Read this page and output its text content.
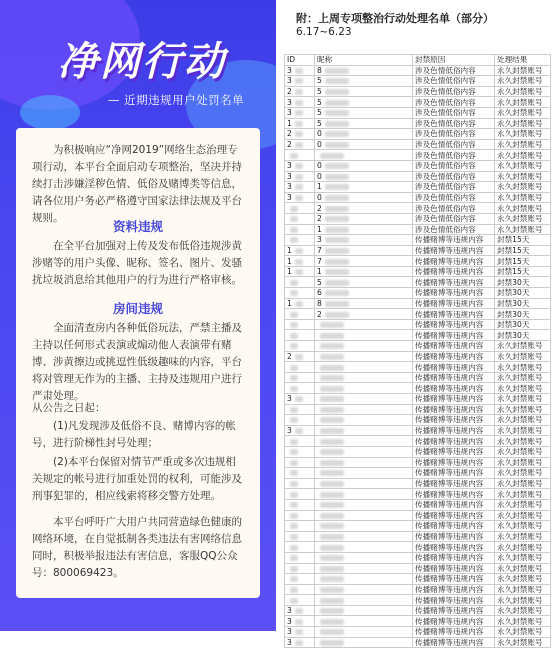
净网行动
— 近期违规用户处罚名单

为积极响应“净网2019”网络生态治理专项行动，本平台全面启动专项整治，坚决并持续打击涉嫌淫秽色情、低俗及赌博类等信息，请各位用户务必严格遵守国家法律法规及平台规则。

资料违规

在全平台加强对上传及发布低俗违规涉黄涉赌等的用户头像、昵称、签名、图片、发骚扰垃圾消息给其他用户的行为进行严格审核。

房间违规

全面清查房内各种低俗玩法，严禁主播及主持以任何形式表演或煽动他人表演带有赌博、涉黄擦边或挑逗性低级趣味的内容，平台将对管理无作为的主播、主持及违规用户进行严肃处理。

从公告之日起：

(1)凡发现涉及低俗不良、赌博内容的帐号，进行阶梯性封号处理；

(2)本平台保留对情节严重或多次违规相关规定的帐号进行加重处罚的权利，可能涉及刑事犯罪的，相应线索将移交警方处理。

本平台呼吁广大用户共同营造绿色健康的网络环境，在自觉抵制各类违法有害网络信息同时，积极举报违法有害信息，客服QQ公众号：800069423。

附：上周专项整治行动处理名单（部分）
6.17~6.23
ID	昵称	封禁原因	处理结果
3	8	涉及色情低俗内容	永久封禁账号
3	5	涉及色情低俗内容	永久封禁账号
2	5	涉及色情低俗内容	永久封禁账号
3	5	涉及色情低俗内容	永久封禁账号
3	5	涉及色情低俗内容	永久封禁账号
1	5	涉及色情低俗内容	永久封禁账号
2	0	涉及色情低俗内容	永久封禁账号
2	0	涉及色情低俗内容	永久封禁账号
		涉及色情低俗内容	永久封禁账号
3	0	涉及色情低俗内容	永久封禁账号
3	0	涉及色情低俗内容	永久封禁账号
3	1	涉及色情低俗内容	永久封禁账号
3	0	涉及色情低俗内容	永久封禁账号
	2	涉及色情低俗内容	永久封禁账号
	2	涉及色情低俗内容	永久封禁账号
	1	涉及色情低俗内容	永久封禁账号
	3	传播赌博等违规内容	封禁15天
1	7	传播赌博等违规内容	封禁15天
1	7	传播赌博等违规内容	封禁15天
1	1	传播赌博等违规内容	封禁15天
	5	传播赌博等违规内容	封禁30天
	6	传播赌博等违规内容	封禁30天
1	8	传播赌博等违规内容	封禁30天
	2	传播赌博等违规内容	封禁30天
		传播赌博等违规内容	封禁30天
		传播赌博等违规内容	封禁30天
		传播赌博等违规内容	永久封禁账号
2		传播赌博等违规内容	永久封禁账号
		传播赌博等违规内容	永久封禁账号
		传播赌博等违规内容	永久封禁账号
		传播赌博等违规内容	永久封禁账号
3		传播赌博等违规内容	永久封禁账号
		传播赌博等违规内容	永久封禁账号
		传播赌博等违规内容	永久封禁账号
3		传播赌博等违规内容	永久封禁账号
		传播赌博等违规内容	永久封禁账号
		传播赌博等违规内容	永久封禁账号
		传播赌博等违规内容	永久封禁账号
		传播赌博等违规内容	永久封禁账号
		传播赌博等违规内容	永久封禁账号
		传播赌博等违规内容	永久封禁账号
		传播赌博等违规内容	永久封禁账号
		传播赌博等违规内容	永久封禁账号
		传播赌博等违规内容	永久封禁账号
		传播赌博等违规内容	永久封禁账号
		传播赌博等违规内容	永久封禁账号
		传播赌博等违规内容	永久封禁账号
		传播赌博等违规内容	永久封禁账号
		传播赌博等违规内容	永久封禁账号
		传播赌博等违规内容	永久封禁账号
		传播赌博等违规内容	永久封禁账号
3		传播赌博等违规内容	永久封禁账号
3		传播赌博等违规内容	永久封禁账号
3		传播赌博等违规内容	永久封禁账号
3		传播赌博等违规内容	永久封禁账号
